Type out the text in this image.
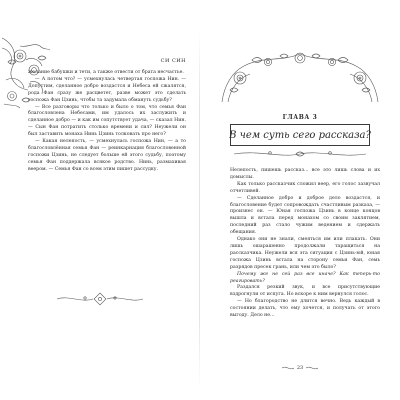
СИ СИН

желание бабушки и тети, а также отвести от брата несчастье.

— А потом что? — усмехнулась четвертая госпожа Нин. — Допустим, сделанное добро воздастся и Небеса ей сжалятся, рода Фан сразу же расцветет, разве может это сделать госпожа Фан Цзинь, чтобы та задумала обмануть судьбу?

— Все разговоры что только и было о том, что семья Фан благословлена Небесами, им удалось их заслужить и сделанное добро — и как им сопутствует удача, — сказал Нин. — Сын Фан потратить столько времени и сил? Неужели он был заставить монаха Нинь Цзинь толковать про него?

— Какая нелепость, — усмехнулась госпожа Нин, — а то благословлённая семья Фан — реинкарнация благословенной госпожи Цзинь, не следует больше ей этого судьбу, поэтому семья Фан поддержала всякое родство. Нинь, размахивая веером. — Семья Фан со всем этим пишет рассудку.

ГЛАВА 3
В чем суть сего рассказа?

Нелепость, пишешь рассказ... все это лишь слова и их домыслы.

Как только рассказчик сложил веер, его голос зазвучал отчетливей.

— Сделанное добро и доброе дело воздастся, и благословение будет сопровождать счастливым разказа, — произнес он. — Юная госпожа Цзинь в конце концов вышла и встала перед монахом со своим заклятием, последний раз стало чужим ведением и сдержать обещания.

Однако они не знали, смеяться им или плакать. Они лишь ошарашенно продолжали таращиться на рассказчика. Неужели вся эта ситуация с Цзинь-юй, юная госпожа Цзинь встала на сторону семьи Фан, семь разрядов пресек грань, или чем это было?

Почему же не сей раз все иначе? Как теперь-то реагировать?

Раздался резкий звук, и все присутствующие вздрогнули от испуга. Но вскоре к ним вернулся голос.

— Но благородство не длится вечно. Ведь каждый в состоянии делать, что ему хочется, и получать от этого выгоду. Дело не...

23
